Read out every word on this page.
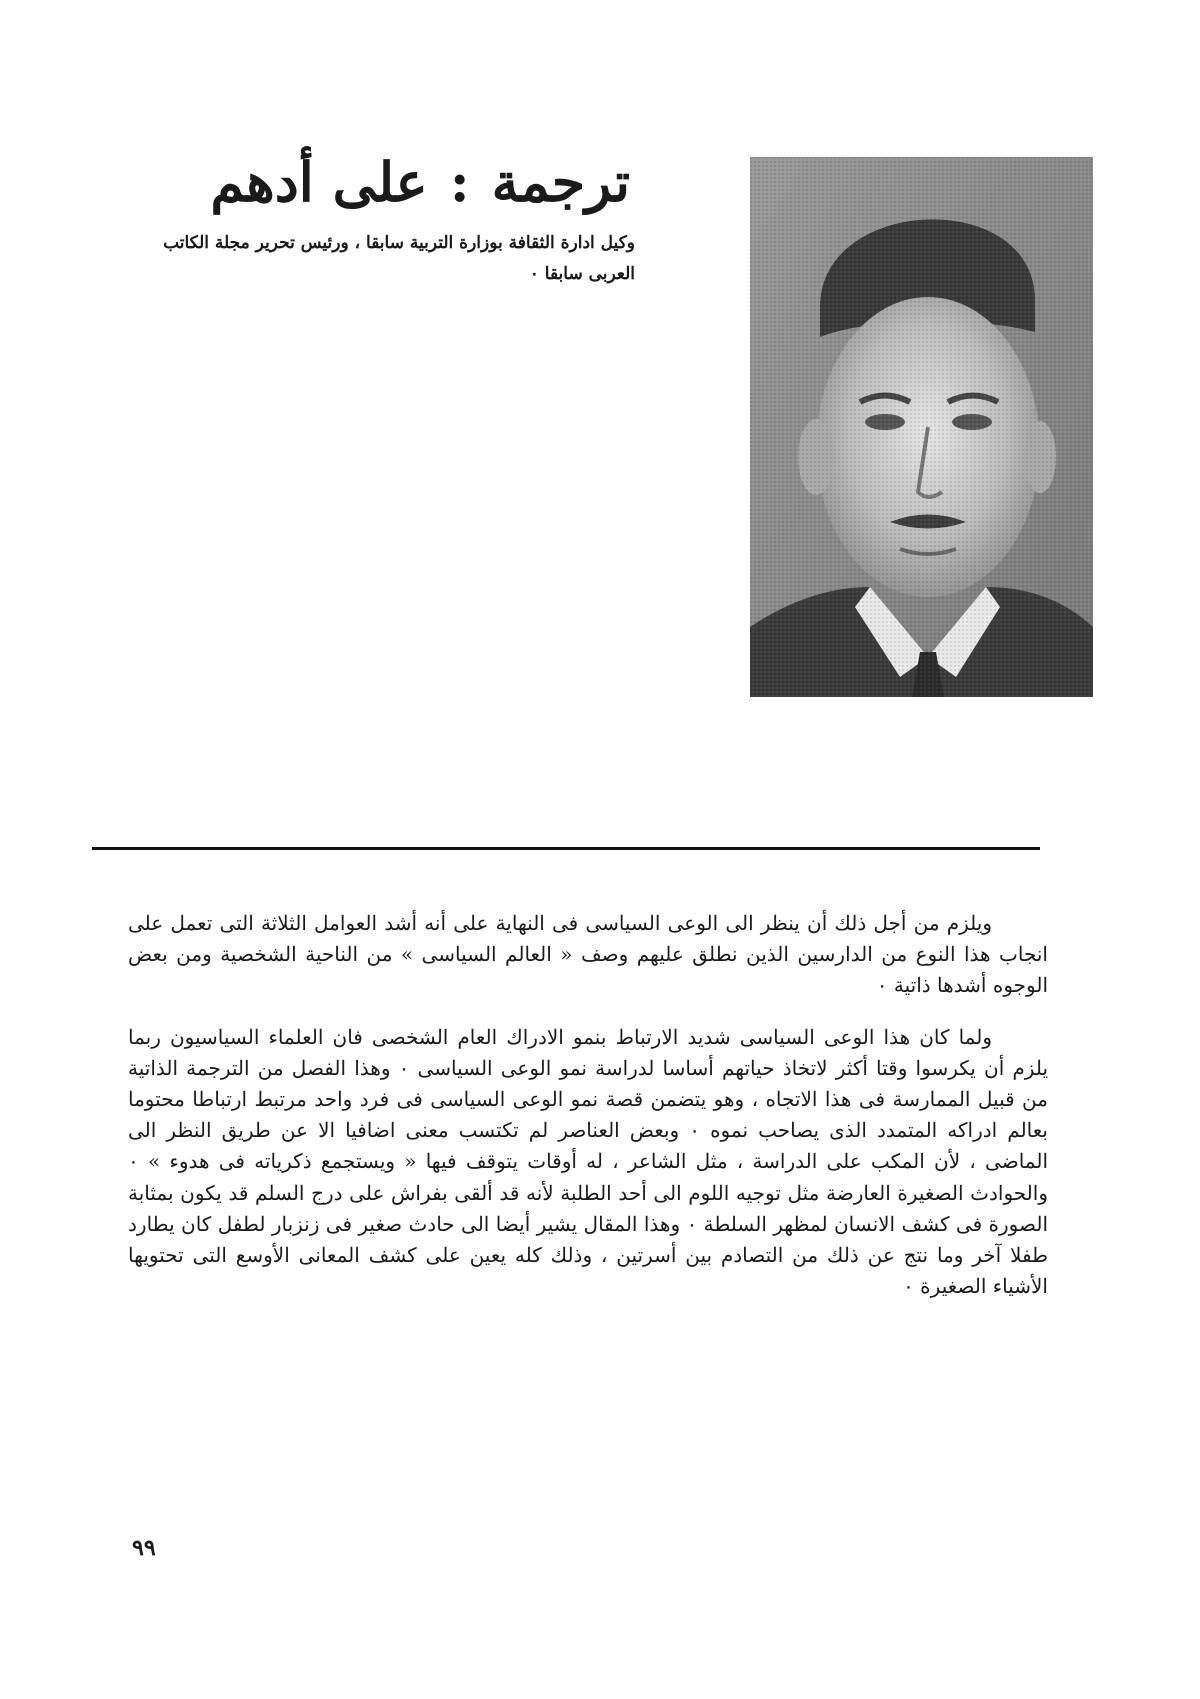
ترجمة:على أدهم
وكيل ادارة الثقافة بوزارة التربية سابقا ، ورئيس تحرير مجلة الكاتب العربى سابقا ٠

ويلزم من أجل ذلك أن ينظر الى الوعى السياسى فى النهاية على أنه أشد العوامل الثلاثة التى تعمل على انجاب هذا النوع من الدارسين الذين نطلق عليهم وصف « العالم السياسى » من الناحية الشخصية ومن بعض الوجوه أشدها ذاتية ٠

ولما كان هذا الوعى السياسى شديد الارتباط بنمو الادراك العام الشخصى فان العلماء السياسيون ربما يلزم أن يكرسوا وقتا أكثر لاتخاذ حياتهم أساسا لدراسة نمو الوعى السياسى ٠ وهذا الفصل من الترجمة الذاتية من قبيل الممارسة فى هذا الاتجاه ، وهو يتضمن قصة نمو الوعى السياسى فى فرد واحد مرتبط ارتباطا محتوما بعالم ادراكه المتمدد الذى يصاحب نموه ٠ وبعض العناصر لم تكتسب معنى اضافيا الا عن طريق النظر الى الماضى ، لأن المكب على الدراسة ، مثل الشاعر ، له أوقات يتوقف فيها « ويستجمع ذكرياته فى هدوء » ٠ والحوادث الصغيرة العارضة مثل توجيه اللوم الى أحد الطلبة لأنه قد ألقى بفراش على درج السلم قد يكون بمثابة الصورة فى كشف الانسان لمظهر السلطة ٠ وهذا المقال يشير أيضا الى حادث صغير فى زنزبار لطفل كان يطارد طفلا آخر وما نتج عن ذلك من التصادم بين أسرتين ، وذلك كله يعين على كشف المعانى الأوسع التى تحتويها الأشياء الصغيرة ٠

٩٩
